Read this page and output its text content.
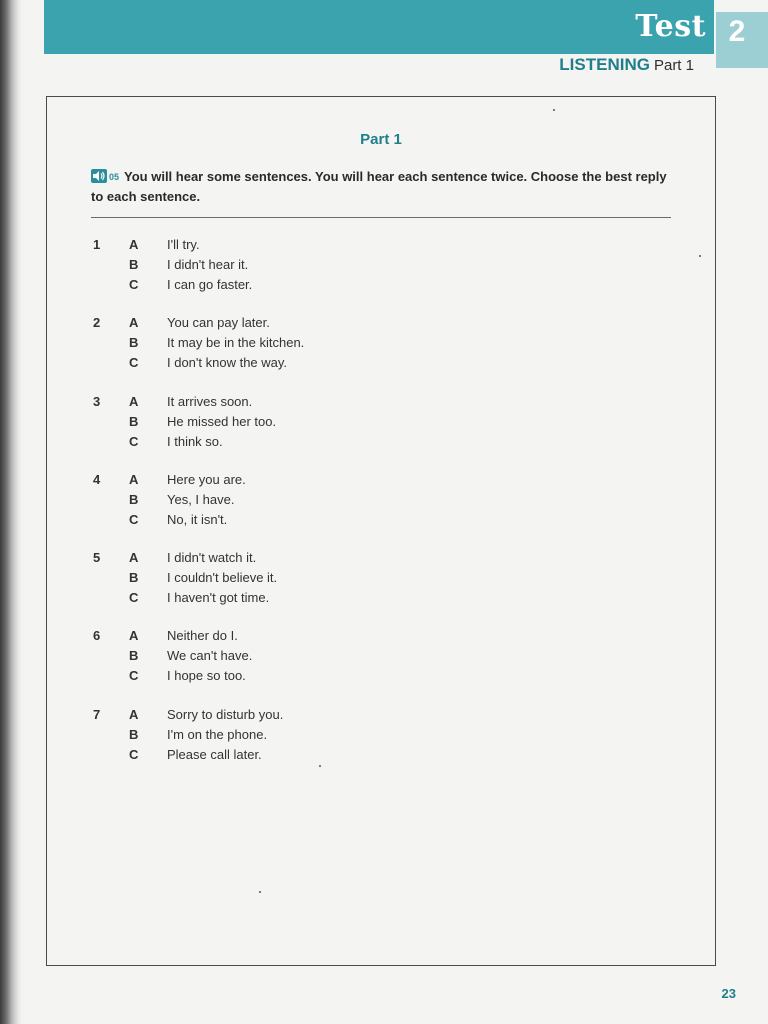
Test 2
LISTENING Part 1
Part 1
05 You will hear some sentences. You will hear each sentence twice. Choose the best reply to each sentence.
1 A I'll try.
B I didn't hear it.
C I can go faster.
2 A You can pay later.
B It may be in the kitchen.
C I don't know the way.
3 A It arrives soon.
B He missed her too.
C I think so.
4 A Here you are.
B Yes, I have.
C No, it isn't.
5 A I didn't watch it.
B I couldn't believe it.
C I haven't got time.
6 A Neither do I.
B We can't have.
C I hope so too.
7 A Sorry to disturb you.
B I'm on the phone.
C Please call later.
23
